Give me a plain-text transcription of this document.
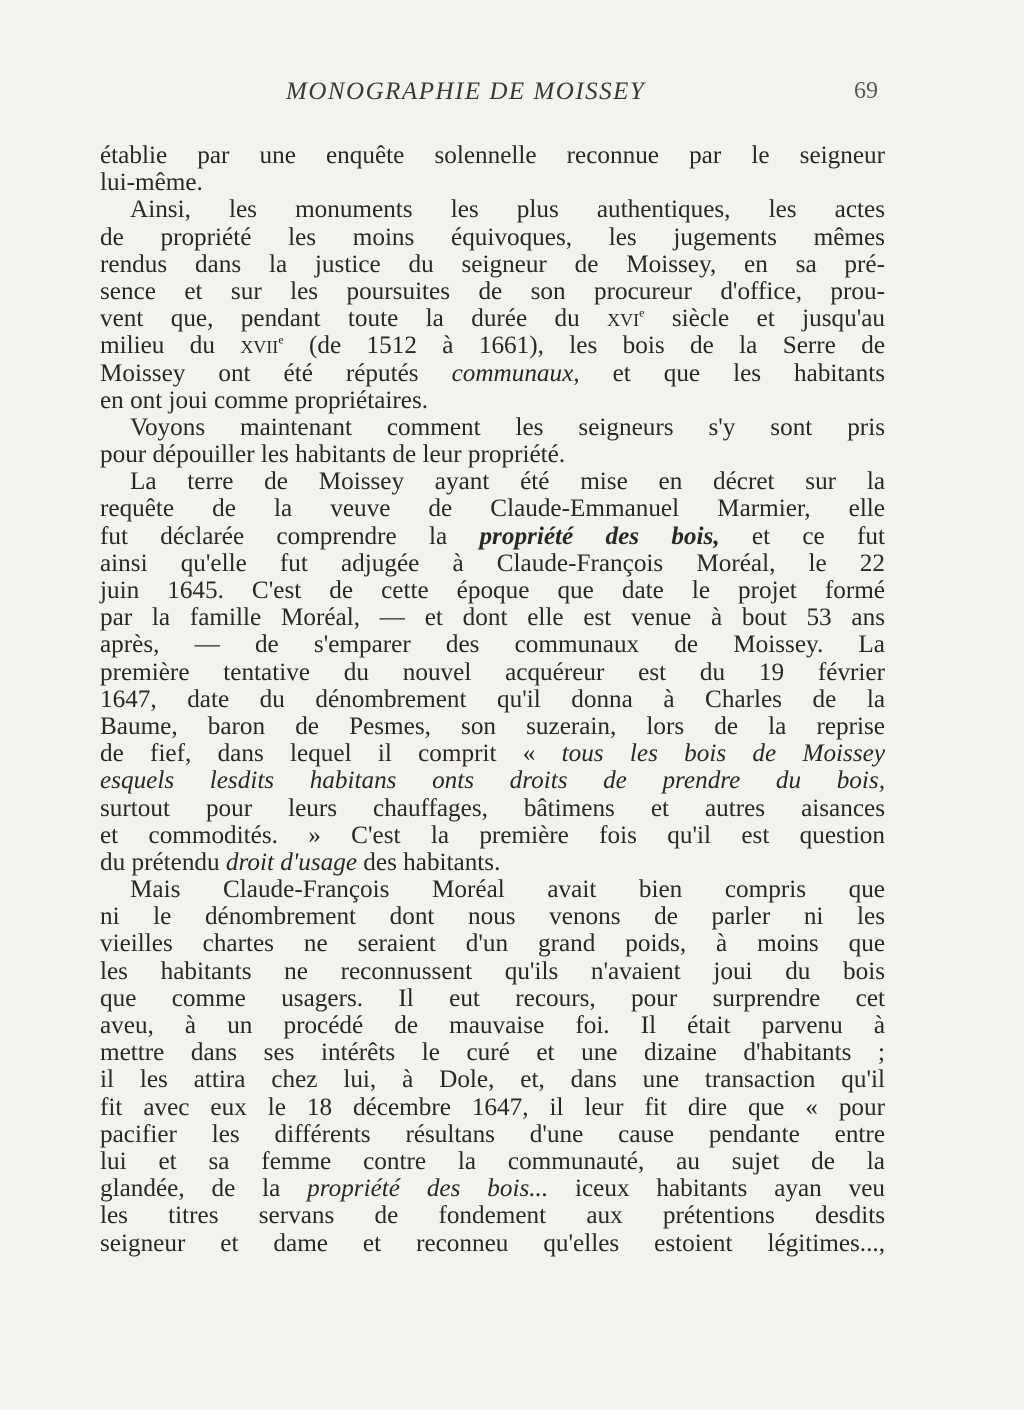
MONOGRAPHIE DE MOISSEY	69
établie par une enquête solennelle reconnue par le seigneur
lui-même.
Ainsi, les monuments les plus authentiques, les actes
de propriété les moins équivoques, les jugements mêmes
rendus dans la justice du seigneur de Moissey, en sa pré-
sence et sur les poursuites de son procureur d'office, prou-
vent que, pendant toute la durée du xvi$^e$ siècle et jusqu'au
milieu du xvii$^e$ (de 1512 à 1661), les bois de la Serre de
Moissey ont été réputés communaux, et que les habitants
en ont joui comme propriétaires.
Voyons maintenant comment les seigneurs s'y sont pris
pour dépouiller les habitants de leur propriété.
La terre de Moissey ayant été mise en décret sur la
requête de la veuve de Claude-Emmanuel Marmier, elle
fut déclarée comprendre la propriété des bois, et ce fut
ainsi qu'elle fut adjugée à Claude-François Moréal, le 22
juin 1645. C'est de cette époque que date le projet formé
par la famille Moréal, — et dont elle est venue à bout 53 ans
après, — de s'emparer des communaux de Moissey. La
première tentative du nouvel acquéreur est du 19 février
1647, date du dénombrement qu'il donna à Charles de la
Baume, baron de Pesmes, son suzerain, lors de la reprise
de fief, dans lequel il comprit « tous les bois de Moissey
esquels lesdits habitans onts droits de prendre du bois,
surtout pour leurs chauffages, bâtimens et autres aisances
et commodités. » C'est la première fois qu'il est question
du prétendu droit d'usage des habitants.
Mais Claude-François Moréal avait bien compris que
ni le dénombrement dont nous venons de parler ni les
vieilles chartes ne seraient d'un grand poids, à moins que
les habitants ne reconnussent qu'ils n'avaient joui du bois
que comme usagers. Il eut recours, pour surprendre cet
aveu, à un procédé de mauvaise foi. Il était parvenu à
mettre dans ses intérêts le curé et une dizaine d'habitants ;
il les attira chez lui, à Dole, et, dans une transaction qu'il
fit avec eux le 18 décembre 1647, il leur fit dire que « pour
pacifier les différents résultans d'une cause pendante entre
lui et sa femme contre la communauté, au sujet de la
glandée, de la propriété des bois... iceux habitants ayan veu
les titres servans de fondement aux prétentions desdits
seigneur et dame et reconneu qu'elles estoient légitimes...,
